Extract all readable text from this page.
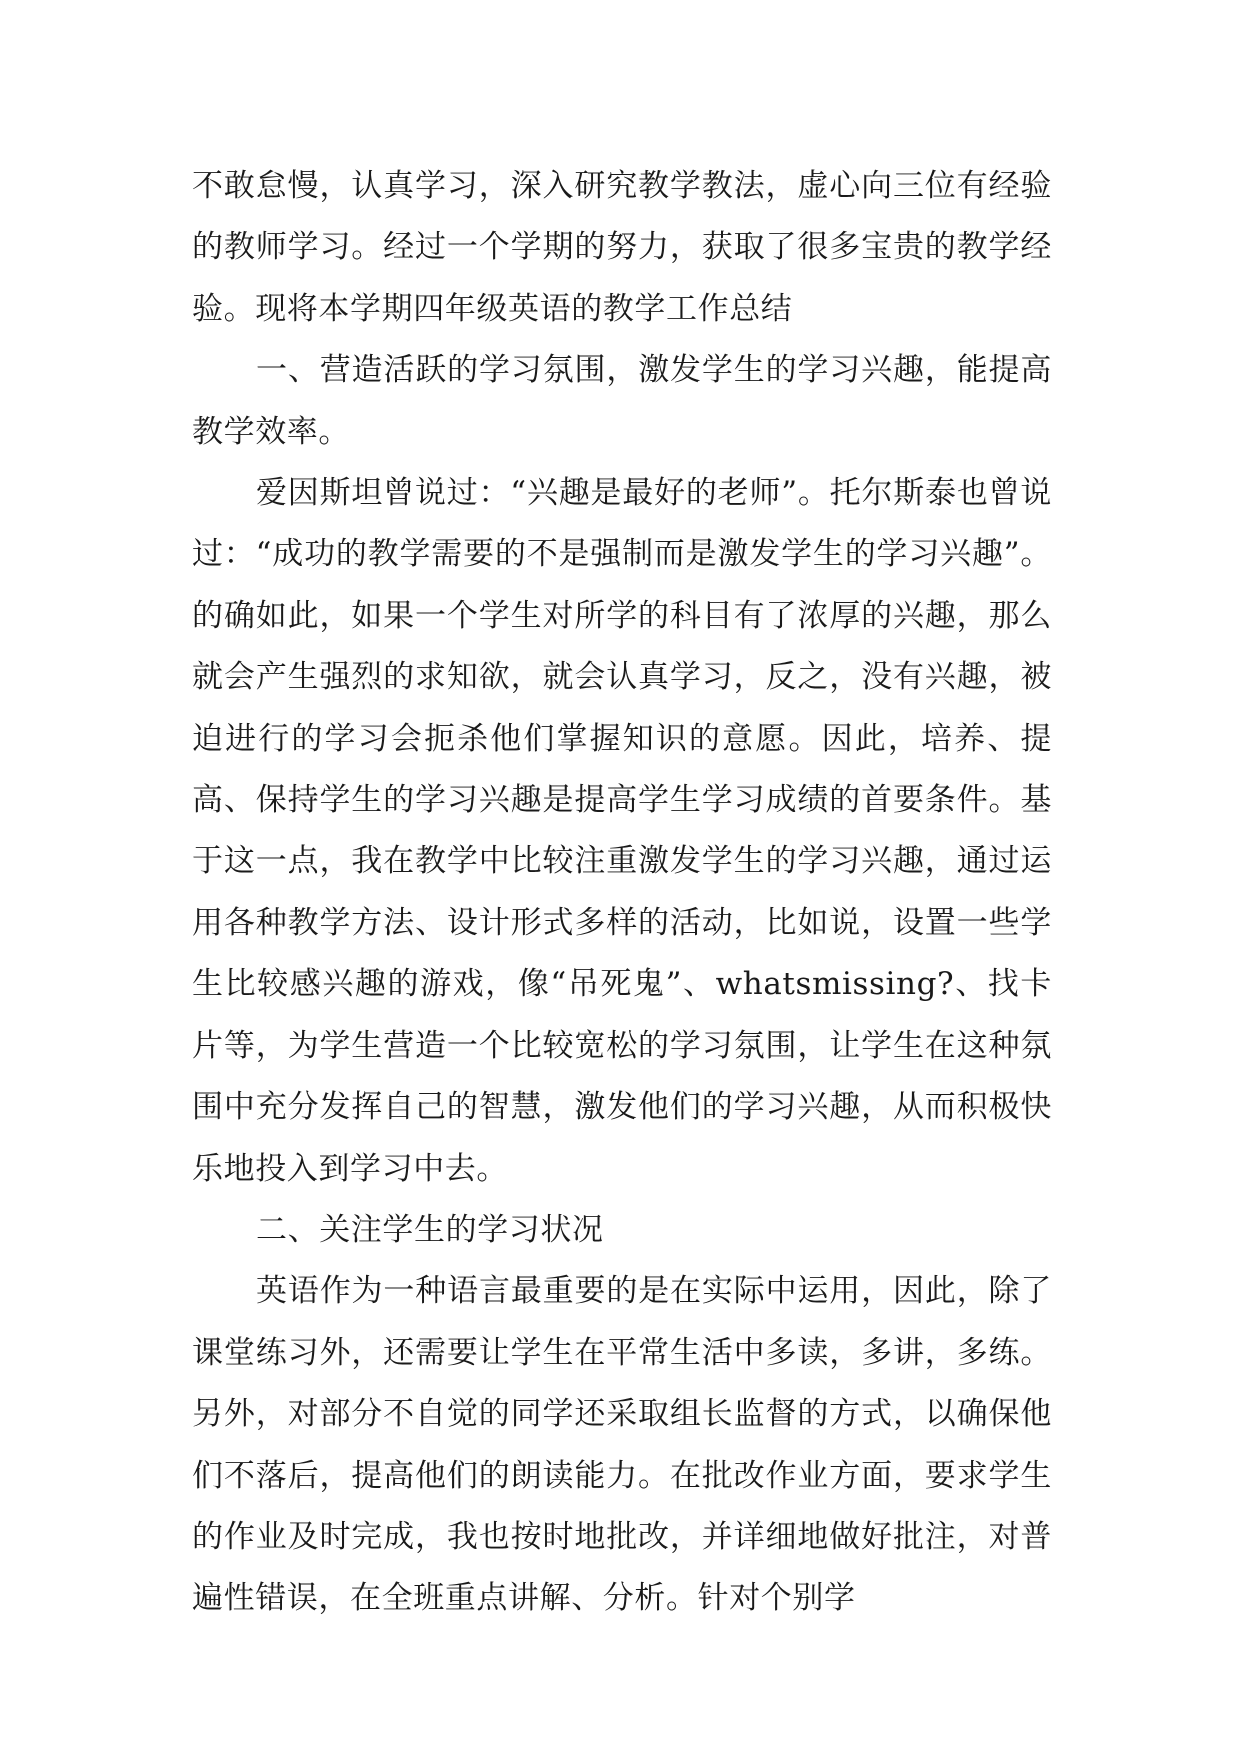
不敢怠慢，认真学习，深入研究教学教法，虚心向三位有经验的教师学习。经过一个学期的努力，获取了很多宝贵的教学经验。现将本学期四年级英语的教学工作总结

一、营造活跃的学习氛围，激发学生的学习兴趣，能提高教学效率。

爱因斯坦曾说过：“兴趣是最好的老师”。托尔斯泰也曾说过：“成功的教学需要的不是强制而是激发学生的学习兴趣”。的确如此，如果一个学生对所学的科目有了浓厚的兴趣，那么就会产生强烈的求知欲，就会认真学习，反之，没有兴趣，被迫进行的学习会扼杀他们掌握知识的意愿。因此，培养、提高、保持学生的学习兴趣是提高学生学习成绩的首要条件。基于这一点，我在教学中比较注重激发学生的学习兴趣，通过运用各种教学方法、设计形式多样的活动，比如说，设置一些学生比较感兴趣的游戏，像“吊死鬼”、whatsmissing?、找卡片等，为学生营造一个比较宽松的学习氛围，让学生在这种氛围中充分发挥自己的智慧，激发他们的学习兴趣，从而积极快乐地投入到学习中去。

二、关注学生的学习状况

英语作为一种语言最重要的是在实际中运用，因此，除了课堂练习外，还需要让学生在平常生活中多读，多讲，多练。另外，对部分不自觉的同学还采取组长监督的方式，以确保他们不落后，提高他们的朗读能力。在批改作业方面，要求学生的作业及时完成，我也按时地批改，并详细地做好批注，对普遍性错误，在全班重点讲解、分析。针对个别学
